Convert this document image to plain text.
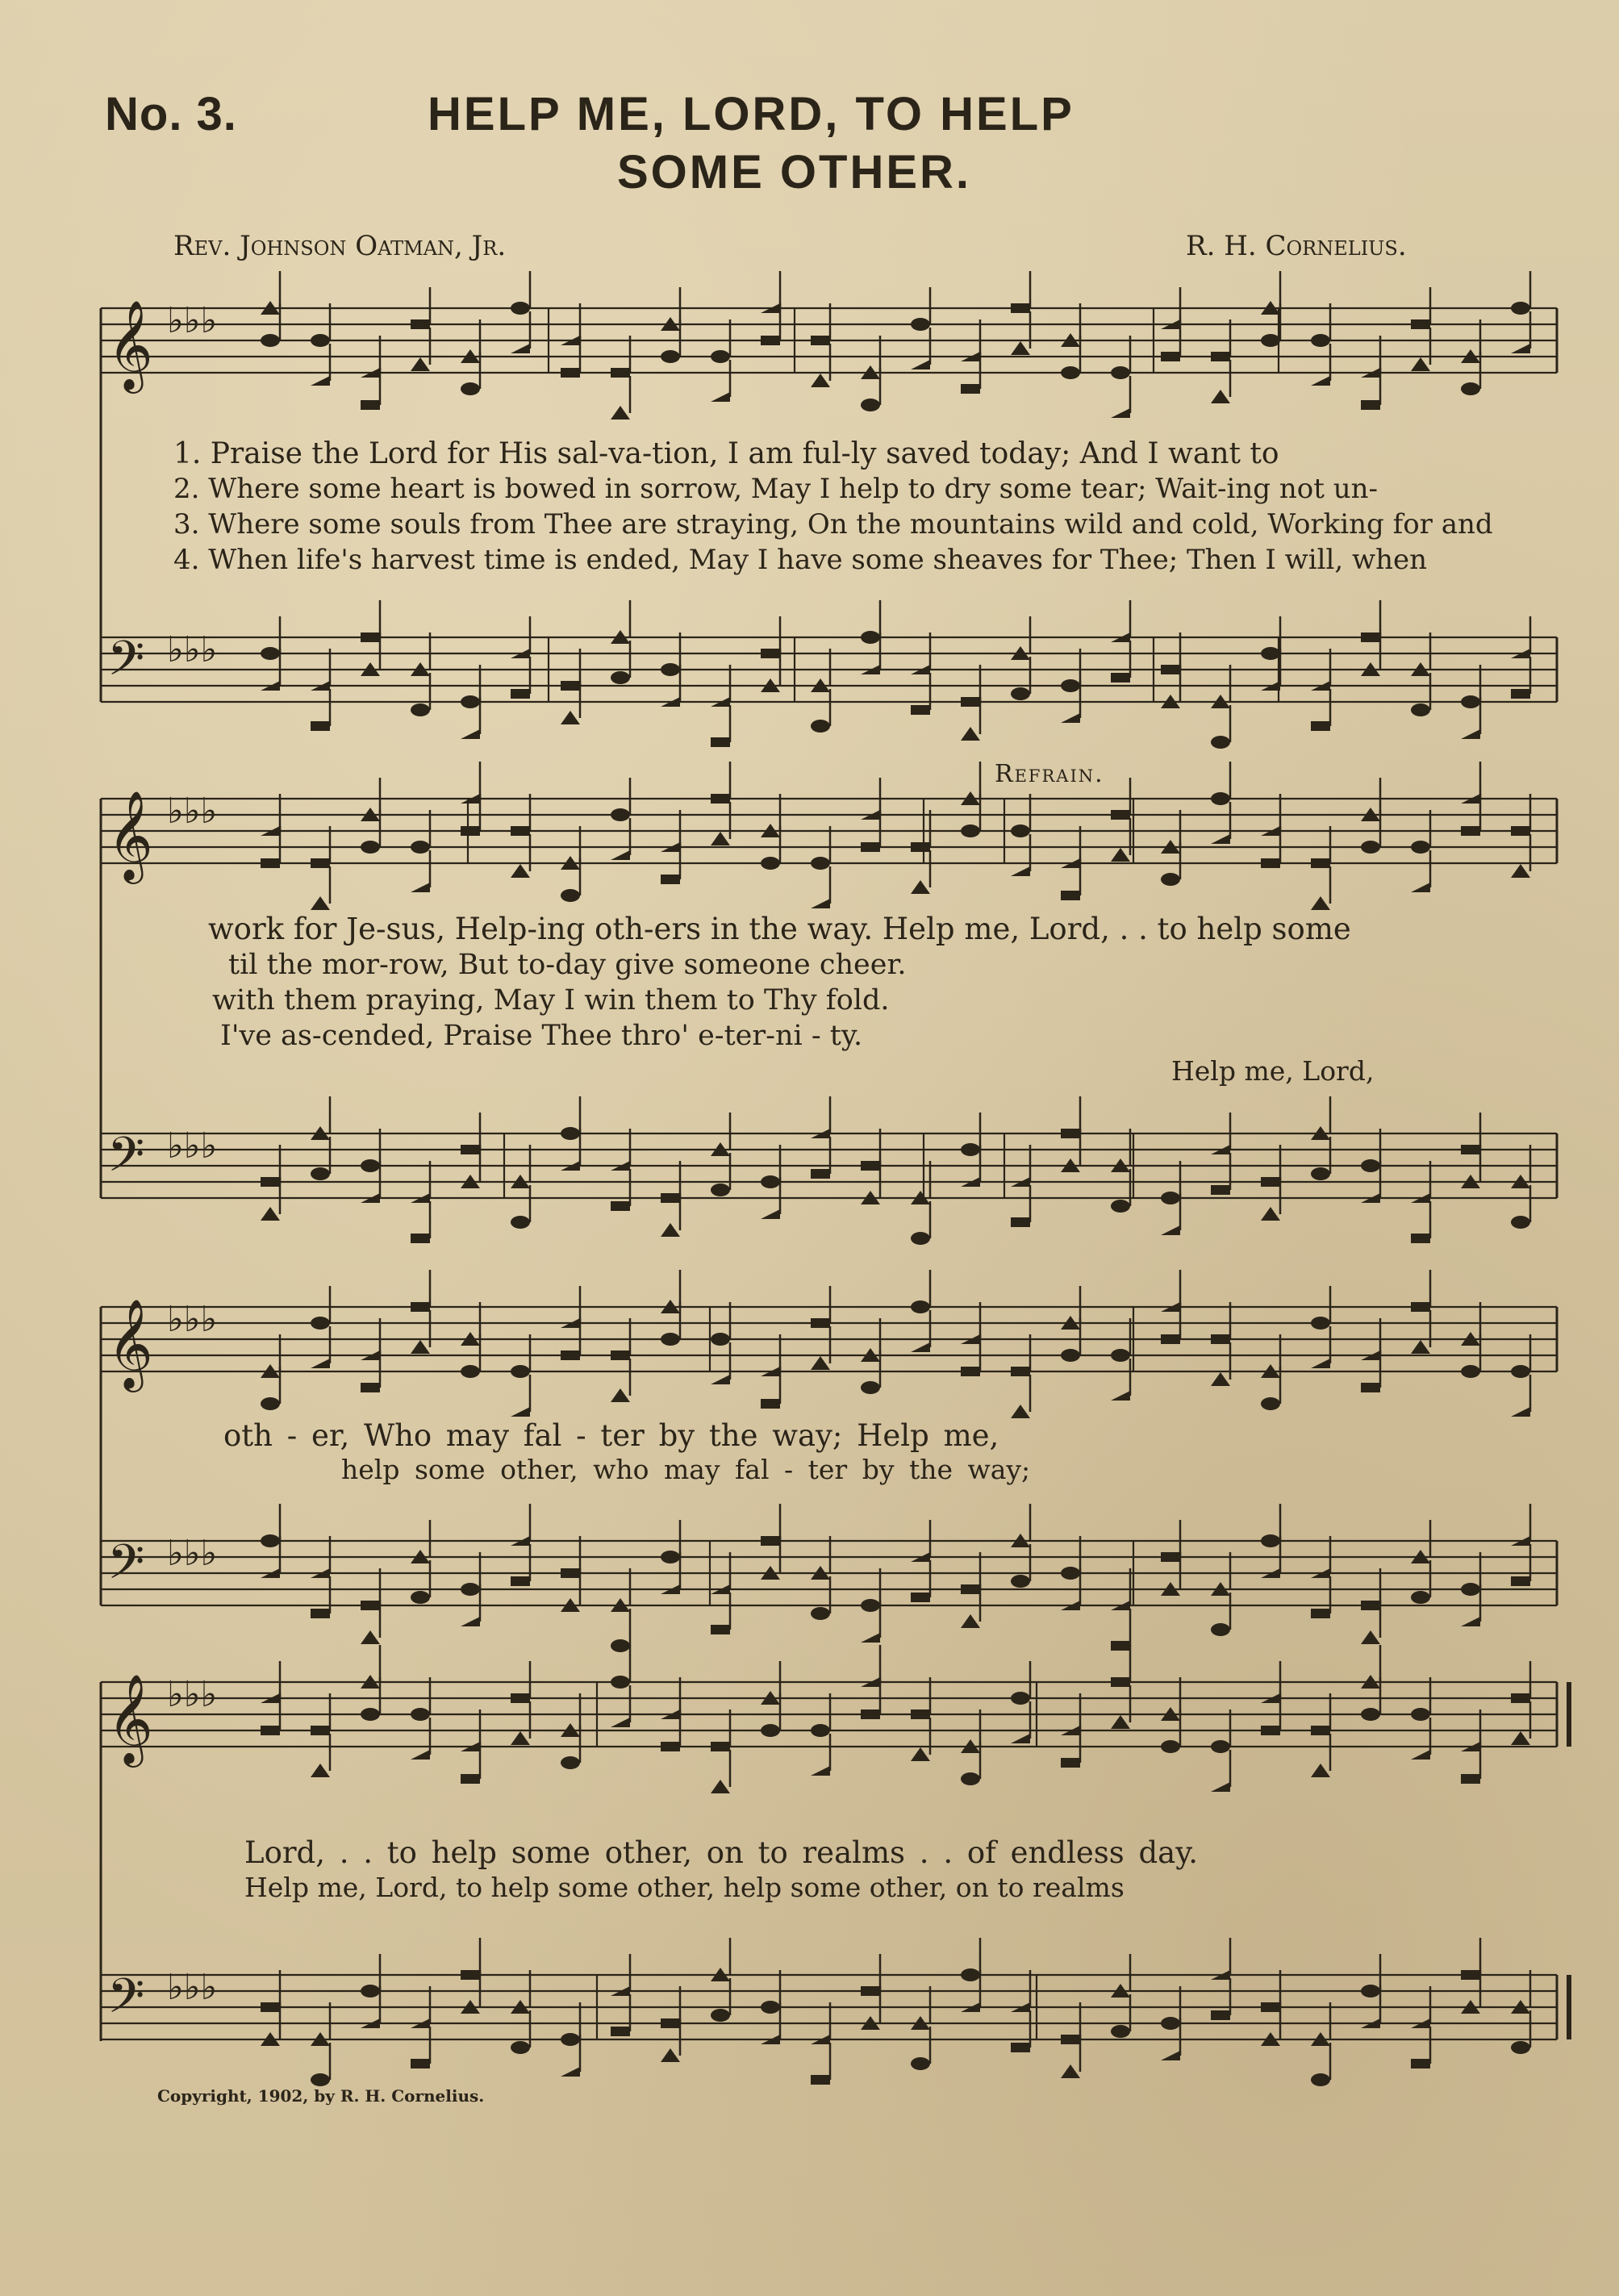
No. 3.	HELP ME, LORD, TO HELP
SOME OTHER.
Rev. Johnson Oatman, Jr.	R. H. Cornelius.
𝄞 ♭♭♭
𝄢 ♭♭♭
𝄞 ♭♭♭
𝄢 ♭♭♭
𝄞 ♭♭♭
𝄢 ♭♭♭
𝄞 ♭♭♭
𝄢 ♭♭♭
1. Praise the Lord for His sal-va-tion, I am ful-ly saved today; And I want to
2. Where some heart is bowed in sorrow, May I help to dry some tear; Wait-ing not un-
3. Where some souls from Thee are straying, On the mountains wild and cold, Working for and
4. When life's harvest time is ended, May I have some sheaves for Thee; Then I will, when
Refrain.
work for Je-sus, Help-ing oth-ers in the way. Help me, Lord, . . to help some
til the mor-row, But to-day give someone cheer.
with them praying, May I win them to Thy fold.
I've as-cended, Praise Thee thro' e-ter-ni - ty.
Help me, Lord,
oth - er, Who may fal - ter by the way; Help me,
help some other, who may fal - ter by the way;
Lord, . . to help some other, on to realms . . of endless day.
Help me, Lord, to help some other, help some other, on to realms
Copyright, 1902, by R. H. Cornelius.
